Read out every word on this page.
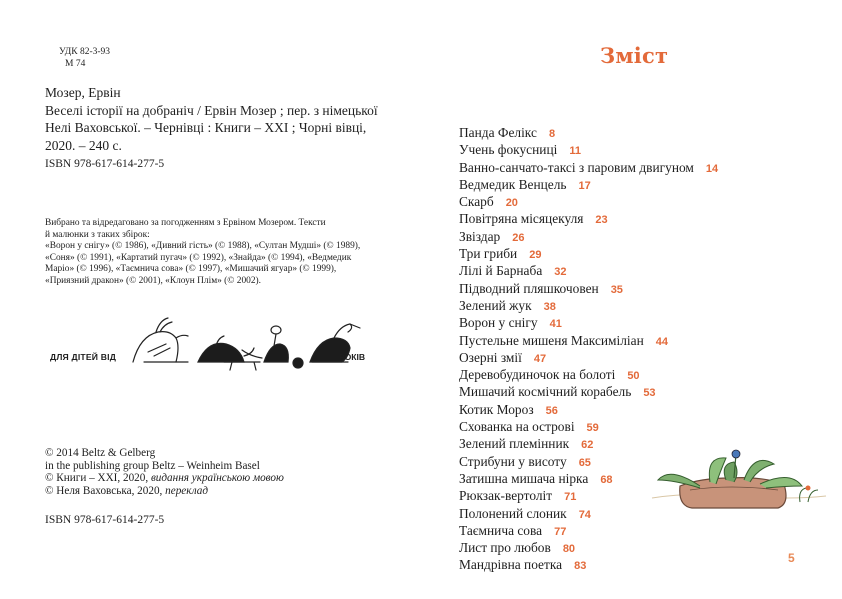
УДК 82-3-93
М 74
Мозер, Ервін
Веселі історії на добраніч / Ервін Мозер ; пер. з німецької
Нелі Ваховської. – Чернівці : Книги – ХХІ ; Чорні вівці,
2020. – 240 с.
ISBN 978-617-614-277-5
Вибрано та відредаговано за погодженням з Ервіном Мозером. Тексти
й малюнки з таких збірок:
«Ворон у снігу» (© 1986), «Дивний гість» (© 1988), «Султан Мудші» (© 1989),
«Соня» (© 1991), «Картатий пугач» (© 1992), «Знайда» (© 1994), «Ведмедик
Маріо» (© 1996), «Таємнича сова» (© 1997), «Мишачий ягуар» (© 1999),
«Приязний дракон» (© 2001), «Клоун Плім» (© 2002).
ДЛЯ ДІТЕЙ ВІД	РОКІВ
© 2014 Beltz & Gelberg
in the publishing group Beltz – Weinheim Basel
© Книги – ХХІ, 2020, видання українською мовою
© Неля Ваховська, 2020, переклад
ISBN 978-617-614-277-5
Зміст
Панда Фелікс 8
Учень фокусниці 11
Ванно-санчато-таксі з паровим двигуном 14
Ведмедик Венцель 17
Скарб 20
Повітряна місяцекуля 23
Звіздар 26
Три гриби 29
Лілі й Барнаба 32
Підводний пляшкочовен 35
Зелений жук 38
Ворон у снігу 41
Пустельне мишеня Максиміліан 44
Озерні змії 47
Деревобудиночок на болоті 50
Мишачий космічний корабель 53
Котик Мороз 56
Схованка на острові 59
Зелений племінник 62
Стрибуни у висоту 65
Затишна мишача нірка 68
Рюкзак-вертоліт 71
Полонений слоник 74
Таємнича сова 77
Лист про любов 80
Мандрівна поетка 83
5
